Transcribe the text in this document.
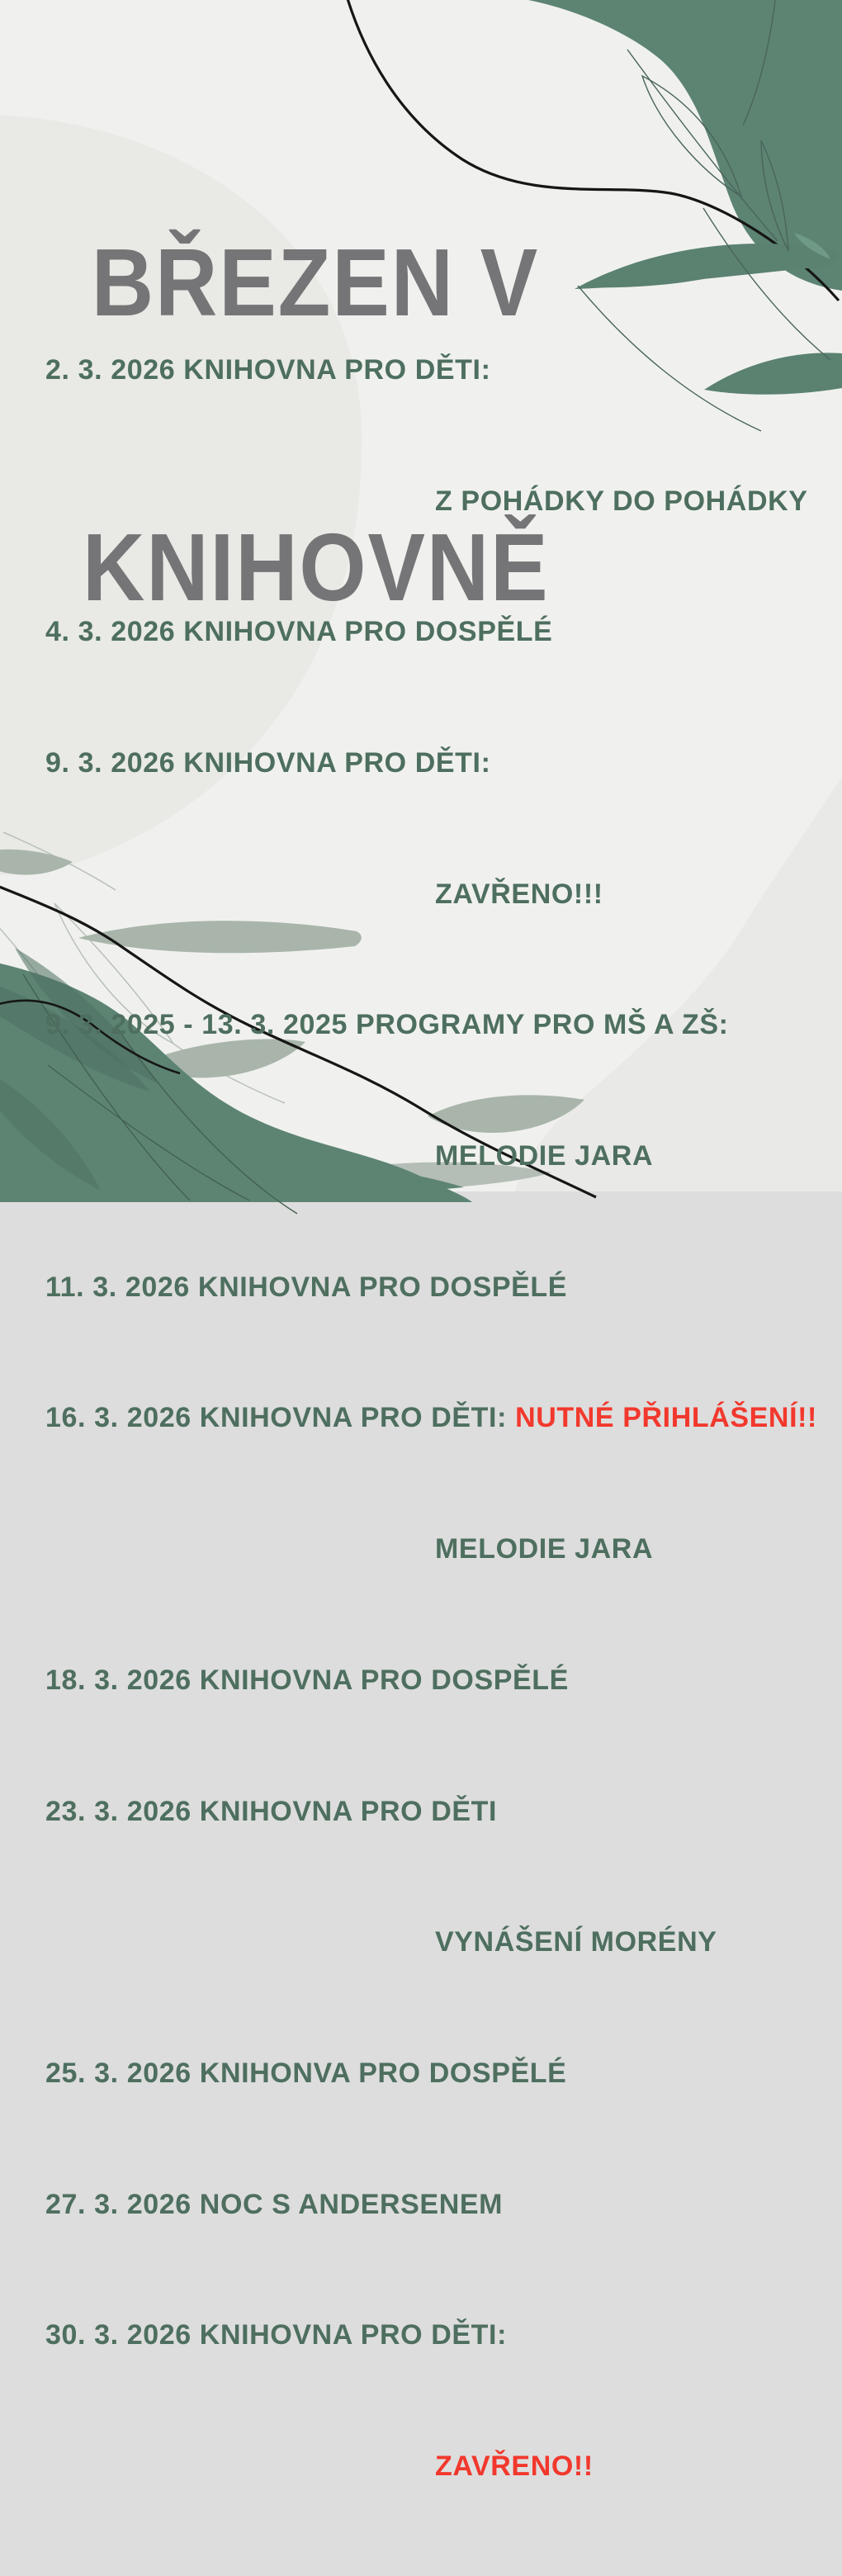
BŘEZEN V

KNIHOVNĚ

2. 3. 2026 KNIHOVNA PRO DĚTI:

Z POHÁDKY DO POHÁDKY

4. 3. 2026 KNIHOVNA PRO DOSPĚLÉ

9. 3. 2026 KNIHOVNA PRO DĚTI:

ZAVŘENO!!!

9. 3. 2025 - 13. 3. 2025 PROGRAMY PRO MŠ A ZŠ:

MELODIE JARA

11. 3. 2026 KNIHOVNA PRO DOSPĚLÉ

16. 3. 2026 KNIHOVNA PRO DĚTI: NUTNÉ PŘIHLÁŠENÍ!!

MELODIE JARA

18. 3. 2026 KNIHOVNA PRO DOSPĚLÉ

23. 3. 2026 KNIHOVNA PRO DĚTI

VYNÁŠENÍ MORÉNY

25. 3. 2026 KNIHONVA PRO DOSPĚLÉ

27. 3. 2026 NOC S ANDERSENEM

30. 3. 2026 KNIHOVNA PRO DĚTI:

ZAVŘENO!!
